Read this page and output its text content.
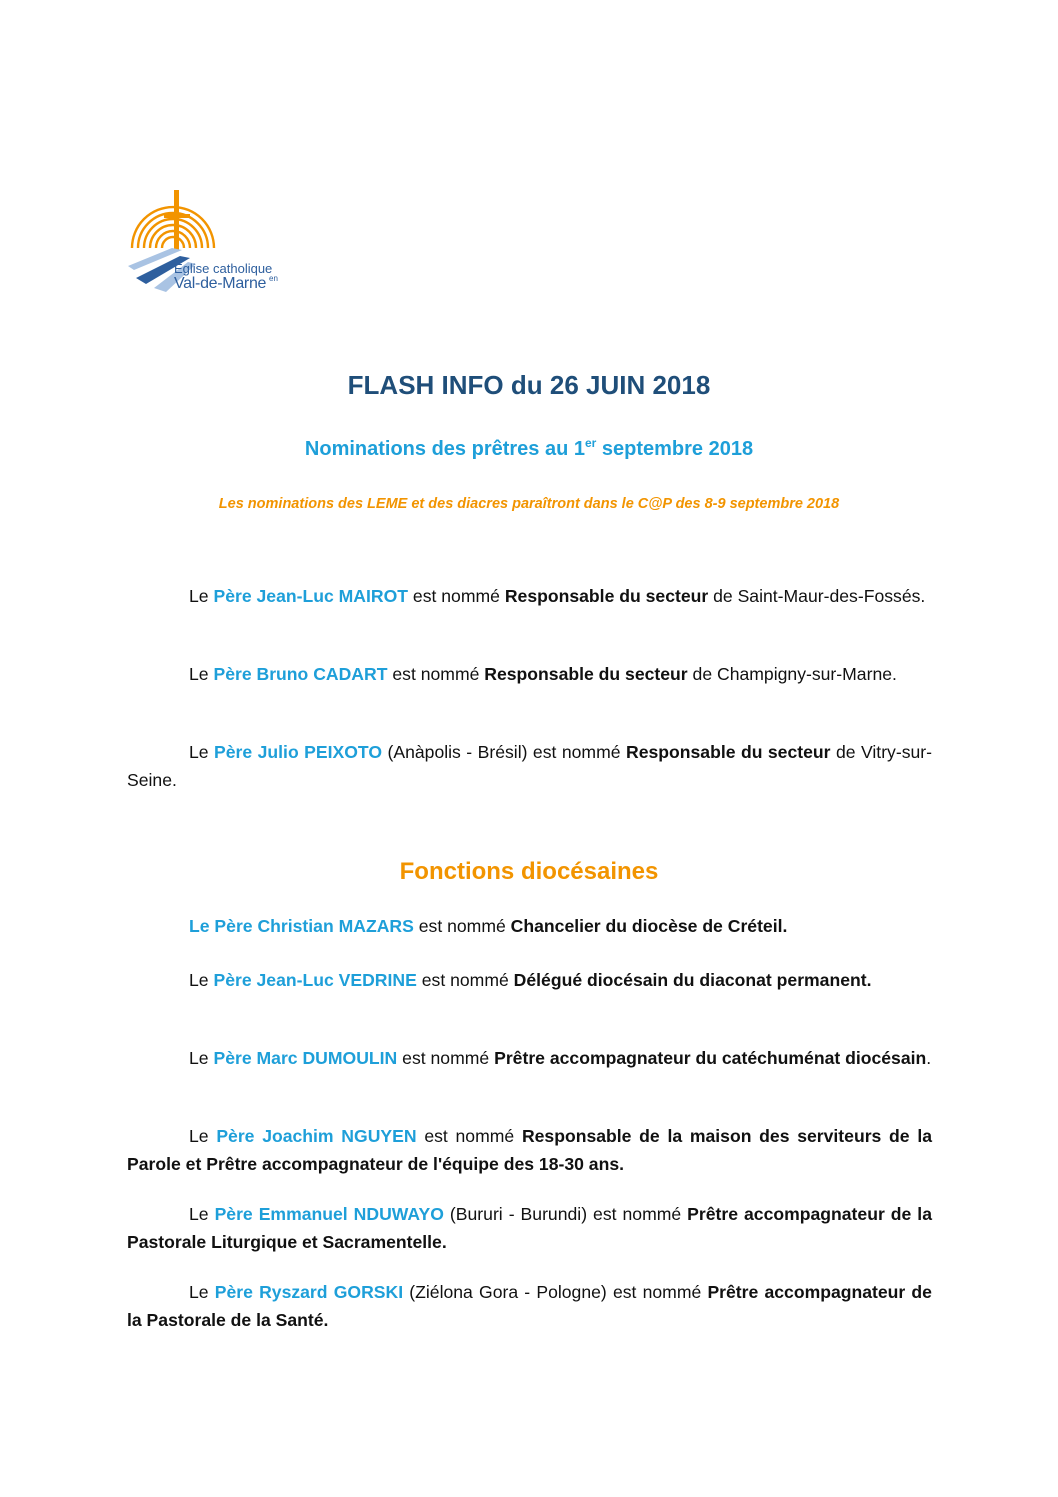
Eglise catholique
en
Val-de-Marne
FLASH INFO du 26 JUIN 2018
Nominations des prêtres au 1er septembre 2018
Les nominations des LEME et des diacres paraîtront dans le C@P des 8-9 septembre 2018

Le Père Jean-Luc MAIROT est nommé Responsable du secteur de Saint-Maur-des-Fossés.

Le Père Bruno CADART est nommé Responsable du secteur de Champigny-sur-Marne.

Le Père Julio PEIXOTO (Anàpolis - Brésil) est nommé Responsable du secteur de Vitry-sur-Seine.

Fonctions diocésaines

Le Père Christian MAZARS est nommé Chancelier du diocèse de Créteil.

Le Père Jean-Luc VEDRINE est nommé Délégué diocésain du diaconat permanent.

Le Père Marc DUMOULIN est nommé Prêtre accompagnateur du catéchuménat diocésain.

Le Père Joachim NGUYEN est nommé Responsable de la maison des serviteurs de la Parole et Prêtre accompagnateur de l'équipe des 18-30 ans.

Le Père Emmanuel NDUWAYO (Bururi - Burundi) est nommé Prêtre accompagnateur de la Pastorale Liturgique et Sacramentelle.

Le Père Ryszard GORSKI (Ziélona Gora - Pologne) est nommé Prêtre accompagnateur de la Pastorale de la Santé.
